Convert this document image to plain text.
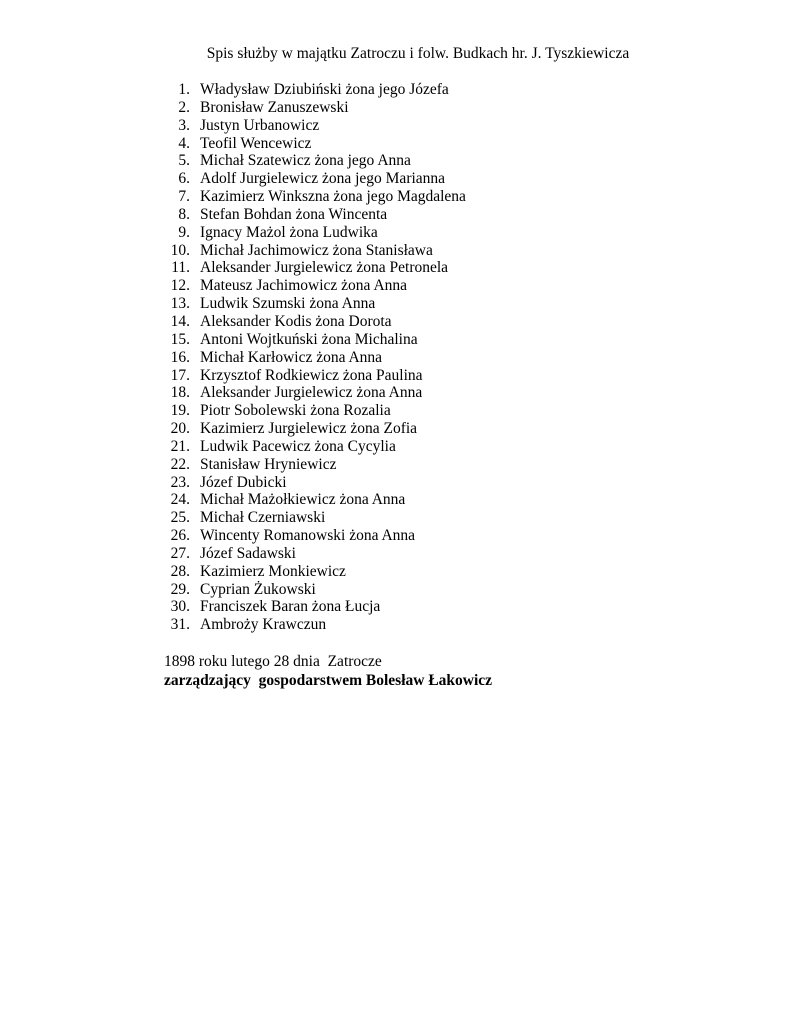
Spis służby w majątku Zatroczu i folw. Budkach hr. J. Tyszkiewicza
1. Władysław Dziubiński żona jego Józefa
2. Bronisław Zanuszewski
3. Justyn Urbanowicz
4. Teofil Wencewicz
5. Michał Szatewicz żona jego Anna
6. Adolf Jurgielewicz żona jego Marianna
7. Kazimierz Winkszna żona jego Magdalena
8. Stefan Bohdan żona Wincenta
9. Ignacy Mażol żona Ludwika
10. Michał Jachimowicz żona Stanisława
11. Aleksander Jurgielewicz żona Petronela
12. Mateusz Jachimowicz żona Anna
13. Ludwik Szumski żona Anna
14. Aleksander Kodis żona Dorota
15. Antoni Wojtkuński żona Michalina
16. Michał Karłowicz żona Anna
17. Krzysztof Rodkiewicz żona Paulina
18. Aleksander Jurgielewicz żona Anna
19. Piotr Sobolewski żona Rozalia
20. Kazimierz Jurgielewicz żona Zofia
21. Ludwik Pacewicz żona Cycylia
22. Stanisław Hryniewicz
23. Józef Dubicki
24. Michał Mażołkiewicz żona Anna
25. Michał Czerniawski
26. Wincenty Romanowski żona Anna
27. Józef Sadawski
28. Kazimierz Monkiewicz
29. Cyprian Żukowski
30. Franciszek Baran żona Łucja
31. Ambroży Krawczun
1898 roku lutego 28 dnia  Zatrocze
zarządzający  gospodarstwem Bolesław Łakowicz
